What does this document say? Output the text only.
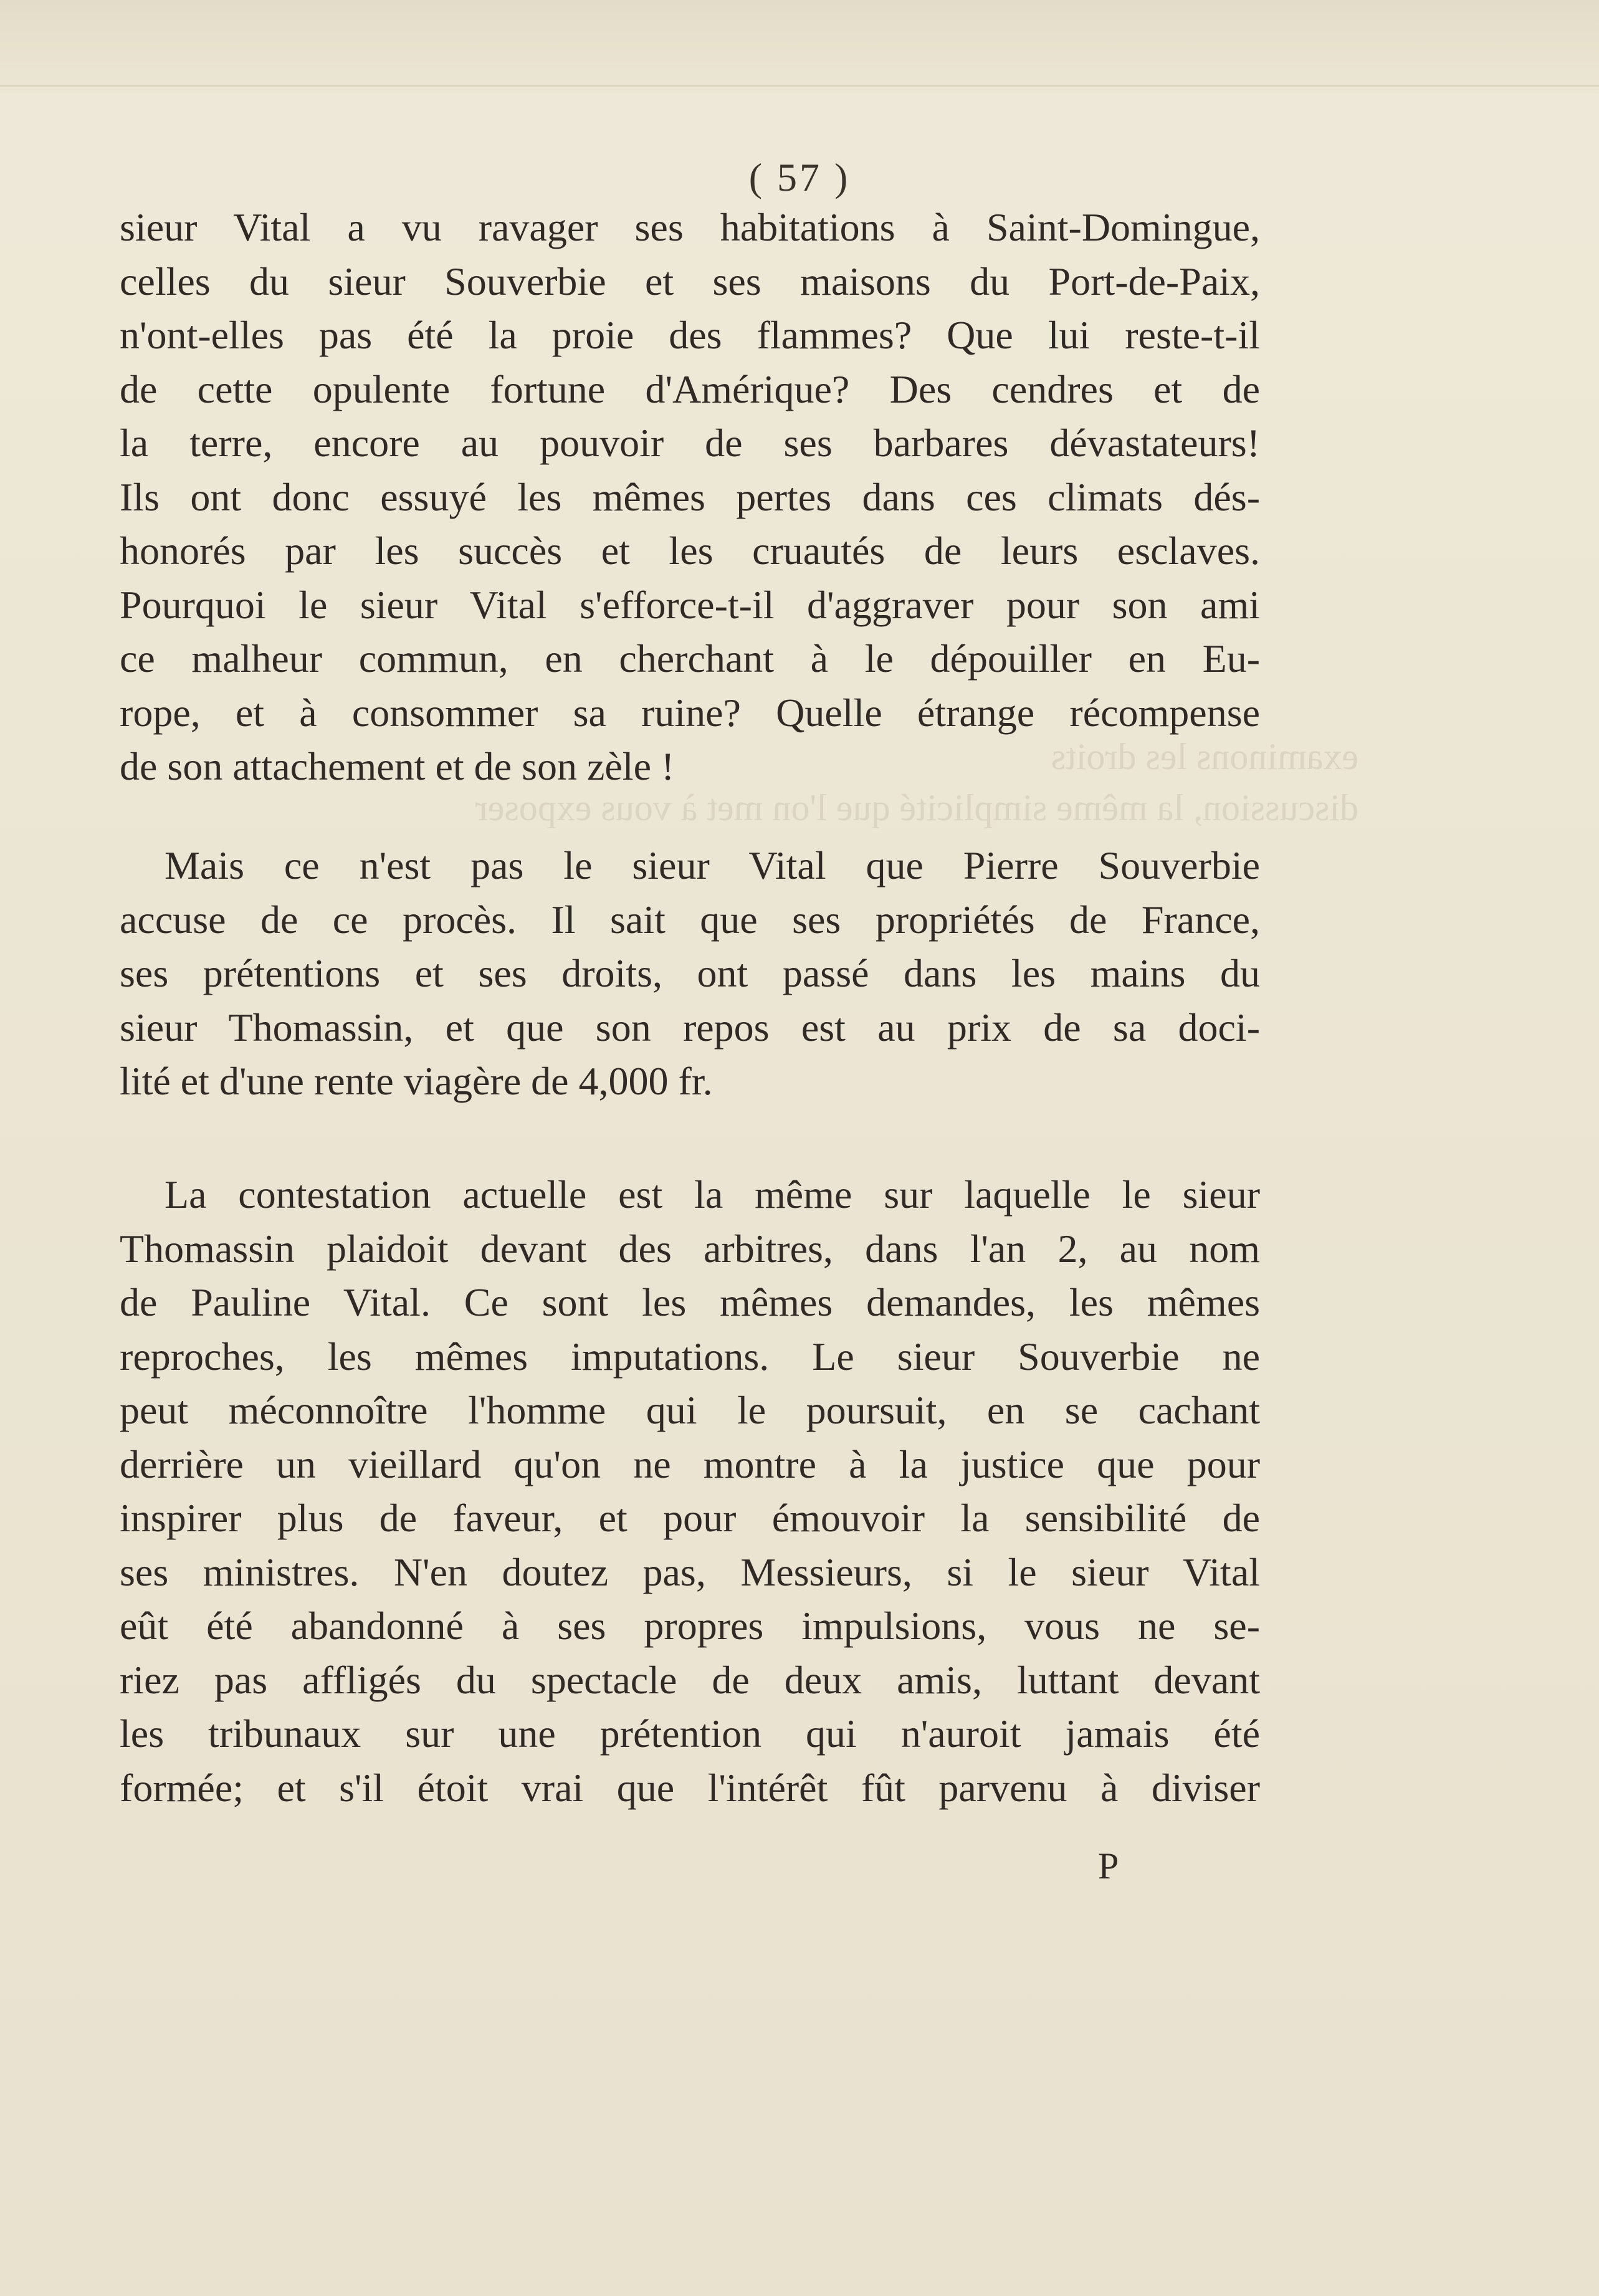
examinons les droits
discussion, la même simplicité que l'on met à vous exposer
( 57 )
sieur Vital a vu ravager ses habitations à Saint-Domingue,
celles du sieur Souverbie et ses maisons du Port-de-Paix,
n'ont-elles pas été la proie des flammes? Que lui reste-t-il
de cette opulente fortune d'Amérique? Des cendres et de
la terre, encore au pouvoir de ses barbares dévastateurs!
Ils ont donc essuyé les mêmes pertes dans ces climats dés-
honorés par les succès et les cruautés de leurs esclaves.
Pourquoi le sieur Vital s'efforce-t-il d'aggraver pour son ami
ce malheur commun, en cherchant à le dépouiller en Eu-
rope, et à consommer sa ruine? Quelle étrange récompense
de son attachement et de son zèle !
Mais ce n'est pas le sieur Vital que Pierre Souverbie
accuse de ce procès. Il sait que ses propriétés de France,
ses prétentions et ses droits, ont passé dans les mains du
sieur Thomassin, et que son repos est au prix de sa doci-
lité et d'une rente viagère de 4,000 fr.
La contestation actuelle est la même sur laquelle le sieur
Thomassin plaidoit devant des arbitres, dans l'an 2, au nom
de Pauline Vital. Ce sont les mêmes demandes, les mêmes
reproches, les mêmes imputations. Le sieur Souverbie ne
peut méconnoître l'homme qui le poursuit, en se cachant
derrière un vieillard qu'on ne montre à la justice que pour
inspirer plus de faveur, et pour émouvoir la sensibilité de
ses ministres. N'en doutez pas, Messieurs, si le sieur Vital
eût été abandonné à ses propres impulsions, vous ne se-
riez pas affligés du spectacle de deux amis, luttant devant
les tribunaux sur une prétention qui n'auroit jamais été
formée; et s'il étoit vrai que l'intérêt fût parvenu à diviser
P
